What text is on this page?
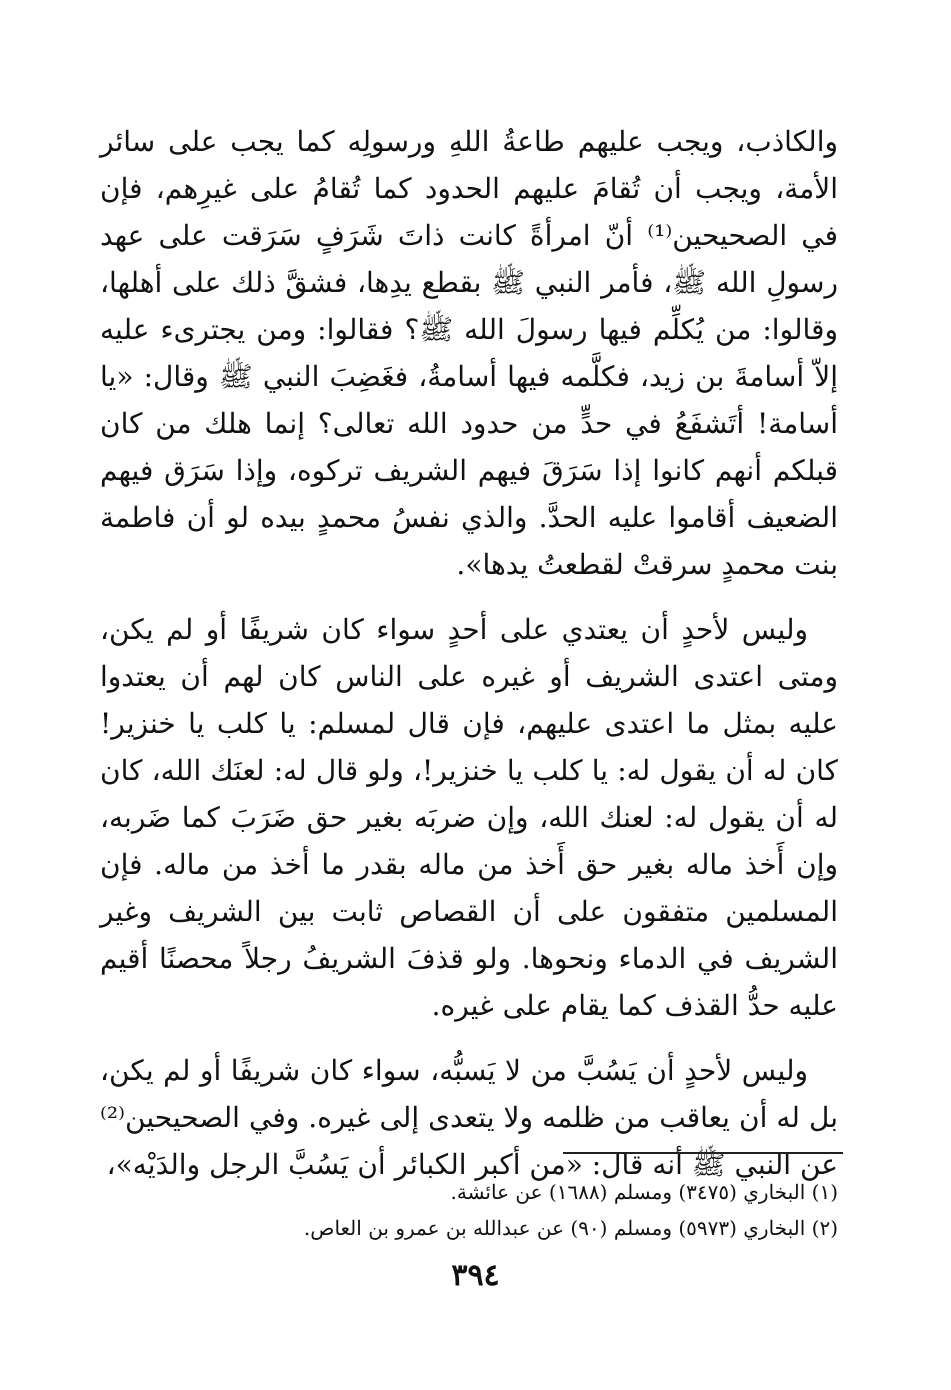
والكاذب، ويجب عليهم طاعةُ اللهِ ورسولِه كما يجب على سائر الأمة، ويجب أن تُقامَ عليهم الحدود كما تُقامُ على غيرِهم، فإن في الصحيحين⁽¹⁾ أنّ امرأةً كانت ذاتَ شَرَفٍ سَرَقت على عهد رسولِ الله ﷺ، فأمر النبي ﷺ بقطع يدِها، فشقَّ ذلك على أهلها، وقالوا: من يُكلِّم فيها رسولَ الله ﷺ؟ فقالوا: ومن يجترىء عليه إلاّ أسامةَ بن زيد، فكلَّمه فيها أسامةُ، فغَضِبَ النبي ﷺ وقال: «يا أسامة! أتَشفَعُ في حدٍّ من حدود الله تعالى؟ إنما هلك من كان قبلكم أنهم كانوا إذا سَرَقَ فيهم الشريف تركوه، وإذا سَرَق فيهم الضعيف أقاموا عليه الحدَّ. والذي نفسُ محمدٍ بيده لو أن فاطمة بنت محمدٍ سرقتْ لقطعتُ يدها».

وليس لأحدٍ أن يعتدي على أحدٍ سواء كان شريفًا أو لم يكن، ومتى اعتدى الشريف أو غيره على الناس كان لهم أن يعتدوا عليه بمثل ما اعتدى عليهم، فإن قال لمسلم: يا كلب يا خنزير! كان له أن يقول له: يا كلب يا خنزير!، ولو قال له: لعنَك الله، كان له أن يقول له: لعنك الله، وإن ضربَه بغير حق ضَرَبَ كما ضَربه، وإن أَخذ ماله بغير حق أَخذ من ماله بقدر ما أخذ من ماله. فإن المسلمين متفقون على أن القصاص ثابت بين الشريف وغير الشريف في الدماء ونحوها. ولو قذفَ الشريفُ رجلاً محصنًا أقيم عليه حدُّ القذف كما يقام على غيره.

وليس لأحدٍ أن يَسُبَّ من لا يَسبُّه، سواء كان شريفًا أو لم يكن، بل له أن يعاقب من ظلمه ولا يتعدى إلى غيره. وفي الصحيحين⁽²⁾ عن النبي ﷺ أنه قال: «من أكبر الكبائر أن يَسُبَّ الرجل والدَيْه»،

(١) البخاري (٣٤٧٥) ومسلم (١٦٨٨) عن عائشة.

(٢) البخاري (٥٩٧٣) ومسلم (٩٠) عن عبدالله بن عمرو بن العاص.

٣٩٤
